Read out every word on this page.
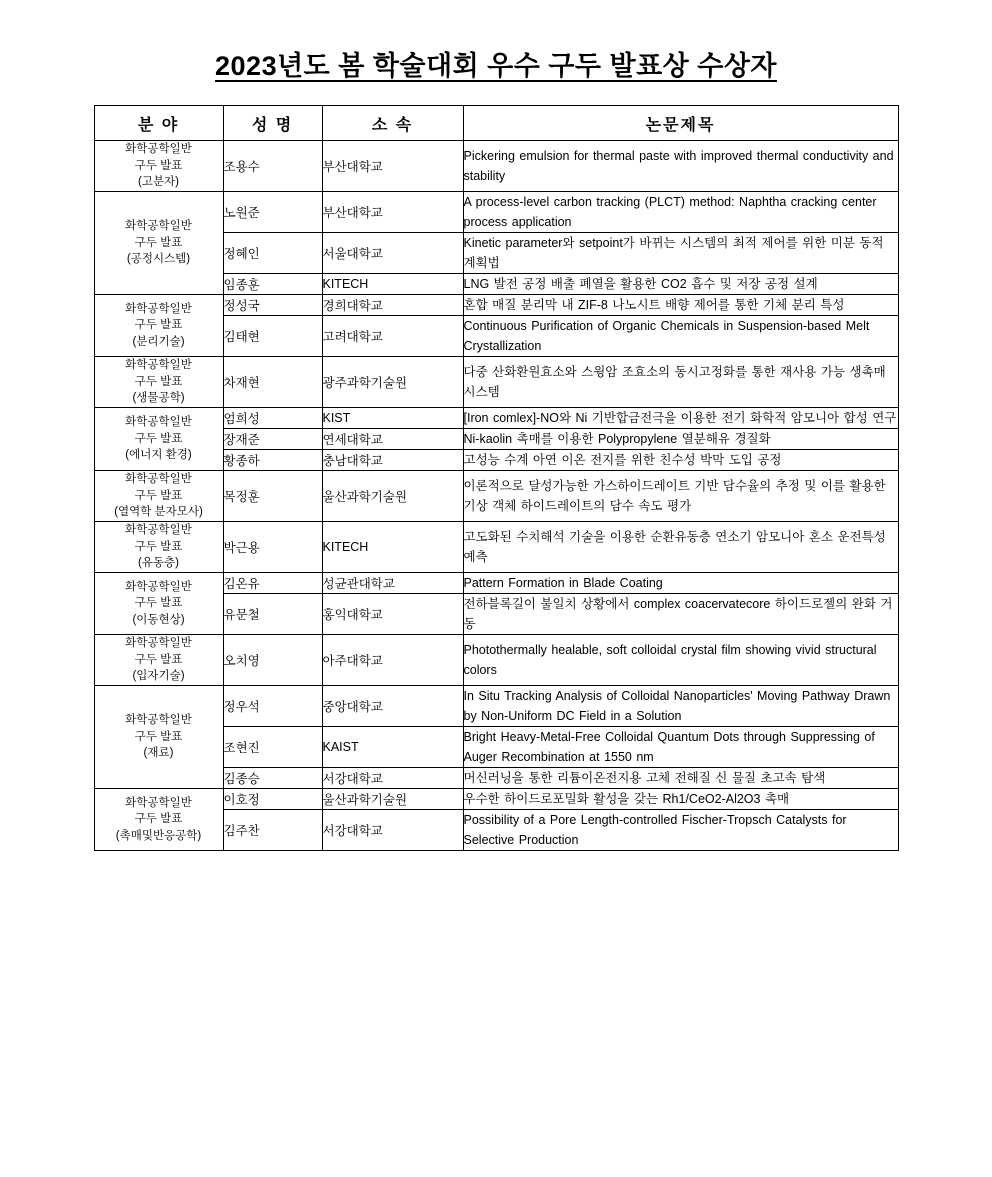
2023년도 봄 학술대회 우수 구두 발표상 수상자
분 야	성 명	소 속	논문제목

화학공학일반
구두 발표
(고분자)	조용수	부산대학교	Pickering emulsion for thermal paste with improved thermal conductivity and stability

화학공학일반
구두 발표
(공정시스템)	노원준	부산대학교	A process-level carbon tracking (PLCT) method: Naphtha cracking center process application
	정혜인	서울대학교	Kinetic parameter와 setpoint가 바뀌는 시스템의 최적 제어를 위한 미분 동적 계획법
	임종훈	KITECH	LNG 발전 공정 배출 폐열을 활용한 CO2 흡수 및 저장 공정 설계

화학공학일반
구두 발표
(분리기술)	정성국	경희대학교	혼합 매질 분리막 내 ZIF-8 나노시트 배향 제어를 통한 기체 분리 특성
	김태현	고려대학교	Continuous Purification of Organic Chemicals in Suspension-based Melt Crystallization

화학공학일반
구두 발표
(생물공학)	차재현	광주과학기술원	다중 산화환원효소와 스윙암 조효소의 동시고정화를 통한 재사용 가능 생촉매 시스템

화학공학일반
구두 발표
(에너지 환경)	엄희성	KIST	[Iron comlex]-NO와 Ni 기반합금전극을 이용한 전기 화학적 암모니아 합성 연구
	장재준	연세대학교	Ni-kaolin 촉매를 이용한 Polypropylene 열분해유 경질화
	황종하	충남대학교	고성능 수계 아연 이온 전지를 위한 친수성 박막 도입 공정

화학공학일반
구두 발표
(열역학 분자모사)	목정훈	울산과학기술원	이론적으로 달성가능한 가스하이드레이트 기반 담수율의 추정 및 이를 활용한 기상 객체 하이드레이트의 담수 속도 평가

화학공학일반
구두 발표
(유동층)	박근용	KITECH	고도화된 수치해석 기술을 이용한 순환유동층 연소기 암모니아 혼소 운전특성 예측

화학공학일반
구두 발표
(이동현상)	김온유	성균관대학교	Pattern Formation in Blade Coating
	유문철	홍익대학교	전하블록길이 불일치 상황에서 complex coacervatecore 하이드로젤의 완화 거동

화학공학일반
구두 발표
(입자기술)	오치영	아주대학교	Photothermally healable, soft colloidal crystal film showing vivid structural colors

화학공학일반
구두 발표
(재료)	정우석	중앙대학교	In Situ Tracking Analysis of Colloidal Nanoparticles' Moving Pathway Drawn by Non-Uniform DC Field in a Solution
	조현진	KAIST	Bright Heavy-Metal-Free Colloidal Quantum Dots through Suppressing of Auger Recombination at 1550 nm
	김종승	서강대학교	머신러닝을 통한 리튬이온전지용 고체 전해질 신 물질 초고속 탐색

화학공학일반
구두 발표
(촉매및반응공학)	이호정	울산과학기술원	우수한 하이드로포밀화 활성을 갖는 Rh1/CeO2-Al2O3 촉매
	김주찬	서강대학교	Possibility of a Pore Length-controlled Fischer-Tropsch Catalysts for Selective Production
